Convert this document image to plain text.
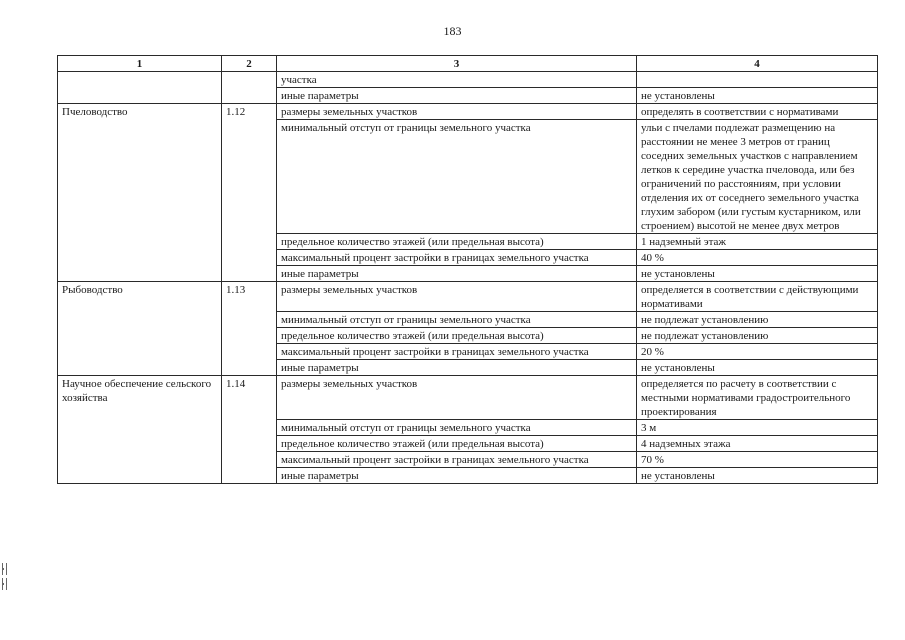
183
1	2	3	4
		участка	
		иные параметры	не установлены
Пчеловодство	1.12	размеры земельных участков	определять в соответствии с нормативами
		минимальный отступ от границы земельного участка	ульи с пчелами подлежат размещению на расстоянии не менее 3 метров от границ соседних земельных участков с направлением летков к середине участка пчеловода, или без ограничений по расстояниям, при условии отделения их от соседнего земельного участка глухим забором (или густым кустарником, или строением) высотой не менее двух метров
		предельное количество этажей (или предельная высота)	1 надземный этаж
		максимальный процент застройки в границах земельного участка	40 %
		иные параметры	не установлены
Рыбоводство	1.13	размеры земельных участков	определяется в соответствии с действующими нормативами
		минимальный отступ от границы земельного участка	не подлежат установлению
		предельное количество этажей (или предельная высота)	не подлежат установлению
		максимальный процент застройки в границах земельного участка	20 %
		иные параметры	не установлены
Научное обеспечение сельского хозяйства	1.14	размеры земельных участков	определяется по расчету в соответствии с местными нормативами градостроительного проектирования
		минимальный отступ от границы земельного участка	3 м
		предельное количество этажей (или предельная высота)	4 надземных этажа
		максимальный процент застройки в границах земельного участка	70 %
		иные параметры	не установлены
